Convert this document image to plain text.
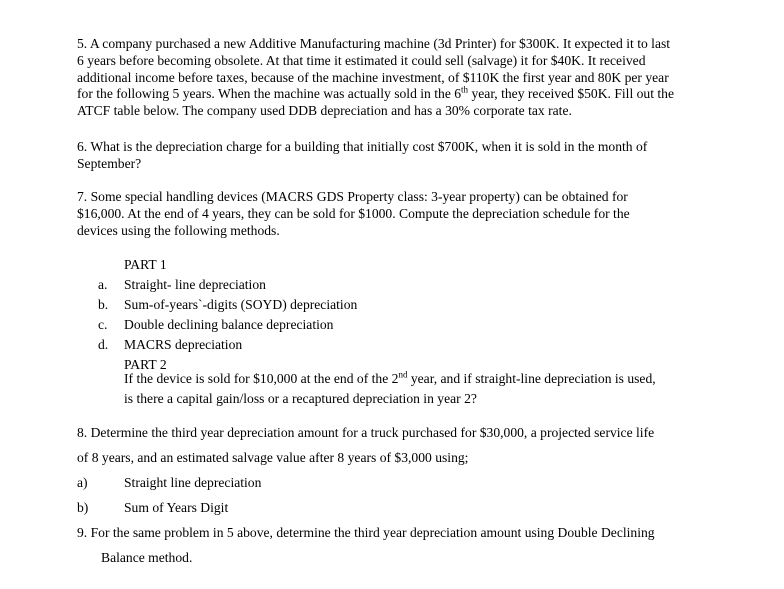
5. A company purchased a new Additive Manufacturing machine (3d Printer) for $300K. It expected it to last

6 years before becoming obsolete. At that time it estimated it could sell (salvage) it for $40K. It received

additional income before taxes, because of the machine investment, of $110K the first year and 80K per year

for the following 5 years. When the machine was actually sold in the 6th year, they received $50K. Fill out the

ATCF table below. The company used DDB depreciation and has a 30% corporate tax rate.

6. What is the depreciation charge for a building that initially cost $700K, when it is sold in the month of

September?

7. Some special handling devices (MACRS GDS Property class: 3-year property) can be obtained for

$16,000. At the end of 4 years, they can be sold for $1000. Compute the depreciation schedule for the

devices using the following methods.

PART 1
a.	Straight- line depreciation
b.	Sum-of-years`-digits (SOYD) depreciation
c.	Double declining balance depreciation
d.	MACRS depreciation
PART 2

If the device is sold for $10,000 at the end of the 2nd year, and if straight-line depreciation is used,

is there a capital gain/loss or a recaptured depreciation in year 2?

8. Determine the third year depreciation amount for a truck purchased for $30,000, a projected service life

of 8 years, and an estimated salvage value after 8 years of $3,000 using;

a)	Straight line depreciation
b)	Sum of Years Digit

9. For the same problem in 5 above, determine the third year depreciation amount using Double Declining

Balance method.
